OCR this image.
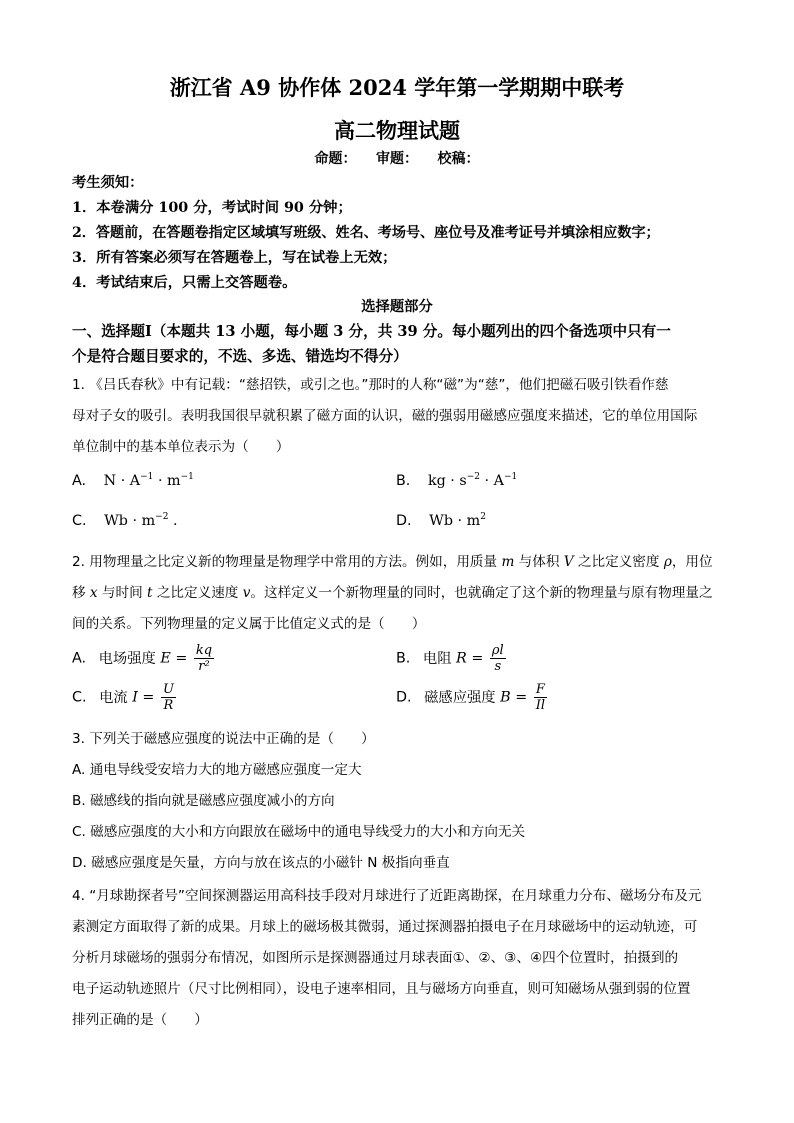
浙江省 A9 协作体 2024 学年第一学期期中联考
高二物理试题
命题：    审题：    校稿：
考生须知：
1．本卷满分 100 分，考试时间 90 分钟；
2．答题前，在答题卷指定区域填写班级、姓名、考场号、座位号及准考证号并填涂相应数字；
3．所有答案必须写在答题卷上，写在试卷上无效；
4．考试结束后，只需上交答题卷。
选择题部分
一、选择题Ⅰ（本题共 13 小题，每小题 3 分，共 39 分。每小题列出的四个备选项中只有一
个是符合题目要求的，不选、多选、错选均不得分）
1. 《吕氏春秋》中有记载：“慈招铁，或引之也。”那时的人称“磁”为“慈”，他们把磁石吸引铁看作慈
母对子女的吸引。表明我国很早就积累了磁方面的认识，磁的强弱用磁感应强度来描述，它的单位用国际
单位制中的基本单位表示为（　　）
A. $N \cdot A^{-1} \cdot m^{-1}$	B. kg · $s^{-2} \cdot A^{-1}$
C. $Wb \cdot m^{-2}$ .	D. $Wb \cdot m^2$
2. 用物理量之比定义新的物理量是物理学中常用的方法。例如，用质量 m 与体积 V 之比定义密度 ρ，用位
移 x 与时间 t 之比定义速度 v。这样定义一个新物理量的同时，也就确定了这个新的物理量与原有物理量之
间的关系。下列物理量的定义属于比值定义式的是（　　）
A. 电场强度 $E = \frac{kq}{\text{r²}}$	B. 电阻 $R = \frac{\rho l}{s}$
C. 电流 $I = \frac{U}{R}$	D. 磁感应强度 $B = \frac{F}{Il}$
3. 下列关于磁感应强度的说法中正确的是（　　）
A. 通电导线受安培力大的地方磁感应强度一定大
B. 磁感线的指向就是磁感应强度减小的方向
C. 磁感应强度的大小和方向跟放在磁场中的通电导线受力的大小和方向无关
D. 磁感应强度是矢量，方向与放在该点的小磁针 N 极指向垂直
4. “月球勘探者号”空间探测器运用高科技手段对月球进行了近距离勘探，在月球重力分布、磁场分布及元
素测定方面取得了新的成果。月球上的磁场极其微弱，通过探测器拍摄电子在月球磁场中的运动轨迹，可
分析月球磁场的强弱分布情况，如图所示是探测器通过月球表面①、②、③、④四个位置时，拍摄到的
电子运动轨迹照片（尺寸比例相同），设电子速率相同，且与磁场方向垂直，则可知磁场从强到弱的位置
排列正确的是（　　）
